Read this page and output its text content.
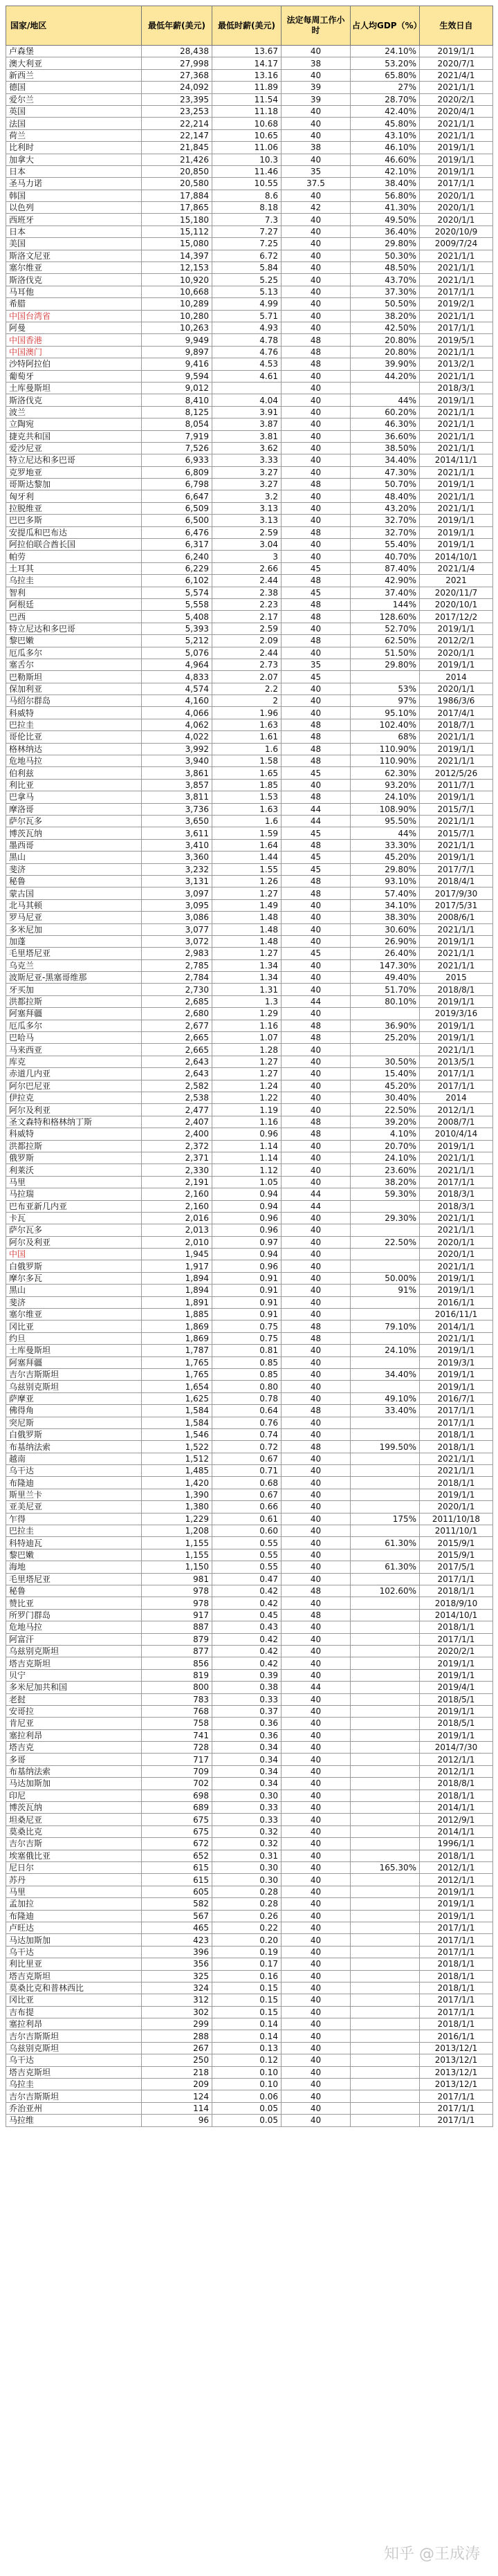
国家/地区	最低年薪(美元)	最低时薪(美元)	法定每周工作小时	占人均GDP（%）	生效日自
卢森堡	28,438	13.67	40	24.10%	2019/1/1
澳大利亚	27,998	14.17	38	53.20%	2020/7/1
新西兰	27,368	13.16	40	65.80%	2021/4/1
德国	24,092	11.89	39	27%	2021/1/1
爱尔兰	23,395	11.54	39	28.70%	2020/2/1
英国	23,253	11.18	40	42.40%	2020/4/1
法国	22,214	10.68	40	45.80%	2021/1/1
荷兰	22,147	10.65	40	43.10%	2021/1/1
比利时	21,845	11.06	38	46.10%	2019/1/1
加拿大	21,426	10.3	40	46.60%	2019/1/1
日本	20,850	11.46	35	42.10%	2019/1/1
圣马力诺	20,580	10.55	37.5	38.40%	2017/1/1
韩国	17,884	8.6	40	56.80%	2020/1/1
以色列	17,865	8.18	42	41.30%	2020/1/1
西班牙	15,180	7.3	40	49.50%	2020/1/1
日本	15,112	7.27	40	36.40%	2020/10/9
美国	15,080	7.25	40	29.80%	2009/7/24
斯洛文尼亚	14,397	6.72	40	50.30%	2021/1/1
塞尔维亚	12,153	5.84	40	48.50%	2021/1/1
斯洛伐克	10,920	5.25	40	43.70%	2021/1/1
马耳他	10,668	5.13	40	37.30%	2017/1/1
希腊	10,289	4.99	40	50.50%	2019/2/1
中国台湾省	10,280	5.71	40	38.20%	2021/1/1
阿曼	10,263	4.93	40	42.50%	2017/1/1
中国香港	9,949	4.78	48	20.80%	2019/5/1
中国澳门	9,897	4.76	48	20.80%	2021/1/1
沙特阿拉伯	9,416	4.53	48	39.90%	2013/2/1
葡萄牙	9,594	4.61	40	44.20%	2021/1/1
土库曼斯坦	9,012		40		2018/3/1
斯洛伐克	8,410	4.04	40	44%	2019/1/1
波兰	8,125	3.91	40	60.20%	2021/1/1
立陶宛	8,054	3.87	40	46.30%	2021/1/1
捷克共和国	7,919	3.81	40	36.60%	2021/1/1
爱沙尼亚	7,526	3.62	40	38.50%	2021/1/1
特立尼达和多巴哥	6,933	3.33	40	34.40%	2014/11/1
克罗地亚	6,809	3.27	40	47.30%	2021/1/1
哥斯达黎加	6,798	3.27	48	50.70%	2019/1/1
匈牙利	6,647	3.2	40	48.40%	2021/1/1
拉脱维亚	6,509	3.13	40	43.20%	2021/1/1
巴巴多斯	6,500	3.13	40	32.70%	2019/1/1
安提瓜和巴布达	6,476	2.59	48	32.70%	2019/1/1
阿拉伯联合酋长国	6,317	3.04	40	55.40%	2019/1/1
帕劳	6,240	3	40	40.70%	2014/10/1
土耳其	6,229	2.66	45	87.40%	2021/1/4
乌拉圭	6,102	2.44	48	42.90%	2021
智利	5,574	2.38	45	37.40%	2020/11/7
阿根廷	5,558	2.23	48	144%	2020/10/1
巴西	5,408	2.17	48	128.60%	2017/12/2
特立尼达和多巴哥	5,393	2.59	40	52.70%	2019/1/1
黎巴嫩	5,212	2.09	48	62.50%	2012/2/1
厄瓜多尔	5,076	2.44	40	51.50%	2020/1/1
塞舌尔	4,964	2.73	35	29.80%	2019/1/1
巴勒斯坦	4,833	2.07	45		2014
保加利亚	4,574	2.2	40	53%	2020/1/1
马绍尔群岛	4,160	2	40	97%	1986/3/6
科威特	4,066	1.96	40	95.10%	2017/4/1
巴拉圭	4,062	1.63	48	102.40%	2018/7/1
哥伦比亚	4,022	1.61	48	68%	2021/1/1
格林纳达	3,992	1.6	48	110.90%	2019/1/1
危地马拉	3,940	1.58	48	110.90%	2021/1/1
伯利兹	3,861	1.65	45	62.30%	2012/5/26
利比亚	3,857	1.85	40	93.20%	2011/7/1
巴拿马	3,811	1.53	48	24.10%	2019/1/1
摩洛哥	3,736	1.63	44	108.90%	2015/7/1
萨尔瓦多	3,650	1.6	44	95.50%	2021/1/1
博茨瓦纳	3,611	1.59	45	44%	2015/7/1
墨西哥	3,410	1.64	48	33.30%	2021/1/1
黑山	3,360	1.44	45	45.20%	2019/1/1
斐济	3,232	1.55	45	29.80%	2017/7/1
秘鲁	3,131	1.26	48	93.10%	2018/4/1
蒙古国	3,097	1.27	48	57.40%	2017/9/30
北马其顿	3,095	1.49	40	34.10%	2017/5/31
罗马尼亚	3,086	1.48	40	38.30%	2008/6/1
多米尼加	3,077	1.48	40	30.60%	2021/1/1
加蓬	3,072	1.48	40	26.90%	2019/1/1
毛里塔尼亚	2,983	1.27	45	26.40%	2021/1/1
乌克兰	2,785	1.34	40	147.30%	2021/1/1
波斯尼亚-黑塞哥维那	2,784	1.34	40	49.40%	2015
牙买加	2,730	1.31	40	51.70%	2018/8/1
洪都拉斯	2,685	1.3	44	80.10%	2019/1/1
阿塞拜疆	2,680	1.29	40		2019/3/16
厄瓜多尔	2,677	1.16	48	36.90%	2019/1/1
巴哈马	2,665	1.07	48	25.20%	2019/1/1
马来西亚	2,665	1.28	40		2021/1/1
库克	2,643	1.27	40	30.50%	2013/5/1
赤道几内亚	2,643	1.27	40	15.40%	2017/1/1
阿尔巴尼亚	2,582	1.24	40	45.20%	2017/1/1
伊拉克	2,538	1.22	40	30.40%	2014
阿尔及利亚	2,477	1.19	40	22.50%	2012/1/1
圣文森特和格林纳丁斯	2,407	1.16	48	39.20%	2008/7/1
科威特	2,400	0.96	48	4.10%	2010/4/14
洪都拉斯	2,372	1.14	40	20.70%	2019/1/1
俄罗斯	2,371	1.14	40	24.10%	2021/1/1
利莱沃	2,330	1.12	40	23.60%	2021/1/1
马里	2,191	1.05	40	38.20%	2017/1/1
马拉瑞	2,160	0.94	44	59.30%	2018/3/1
巴布亚新几内亚	2,160	0.94	44		2018/3/1
卡瓦	2,016	0.96	40	29.30%	2021/1/1
萨尔瓦多	2,013	0.96	40		2021/1/1
阿尔及利亚	2,010	0.97	40	22.50%	2020/1/1
中国	1,945	0.94	40		2020/1/1
白俄罗斯	1,917	0.96	40		2021/1/1
摩尔多瓦	1,894	0.91	40	50.00%	2019/1/1
黑山	1,894	0.91	40	91%	2019/1/1
斐济	1,891	0.91	40		2016/1/1
塞尔维亚	1,885	0.91	40		2016/11/1
冈比亚	1,869	0.75	48	79.10%	2014/1/1
约旦	1,869	0.75	48		2021/1/1
土库曼斯坦	1,787	0.81	40	24.10%	2019/1/1
阿塞拜疆	1,765	0.85	40		2019/3/1
吉尔吉斯斯坦	1,765	0.85	40	34.40%	2019/1/1
乌兹别克斯坦	1,654	0.80	40		2019/1/1
萨摩亚	1,625	0.78	40	49.10%	2016/7/1
佛得角	1,584	0.64	48	33.40%	2017/1/1
突尼斯	1,584	0.76	40		2017/1/1
白俄罗斯	1,546	0.74	40		2018/1/1
布基纳法索	1,522	0.72	48	199.50%	2018/1/1
越南	1,512	0.67	40		2021/1/1
乌干达	1,485	0.71	40		2021/1/1
布隆迪	1,420	0.68	40		2018/1/1
斯里兰卡	1,390	0.67	40		2019/1/1
亚美尼亚	1,380	0.66	40		2020/1/1
乍得	1,229	0.61	40	175%	2011/10/18
巴拉圭	1,208	0.60	40		2011/10/1
科特迪瓦	1,155	0.55	40	61.30%	2015/9/1
黎巴嫩	1,155	0.55	40		2015/9/1
海地	1,150	0.55	40	61.30%	2017/5/1
毛里塔尼亚	981	0.47	40		2017/1/1
秘鲁	978	0.42	48	102.60%	2018/1/1
赞比亚	978	0.42	40		2018/9/10
所罗门群岛	917	0.45	48		2014/10/1
危地马拉	887	0.43	40		2018/1/1
阿富汗	879	0.42	40		2017/1/1
乌兹别克斯坦	877	0.42	40		2020/2/1
塔吉克斯坦	856	0.42	40		2019/1/1
贝宁	819	0.39	40		2019/1/1
多米尼加共和国	800	0.38	44		2019/4/1
老挝	783	0.33	40		2018/5/1
安哥拉	768	0.37	40		2019/1/1
肯尼亚	758	0.36	40		2018/5/1
塞拉利昂	741	0.36	40		2019/1/1
塔吉克	728	0.34	40		2014/7/30
多哥	717	0.34	40		2012/1/1
布基纳法索	709	0.34	40		2012/1/1
马达加斯加	702	0.34	40		2018/8/1
印尼	698	0.30	40		2018/1/1
博茨瓦纳	689	0.33	40		2014/1/1
坦桑尼亚	675	0.33	40		2012/9/1
莫桑比克	675	0.32	40		2014/1/1
吉尔吉斯	672	0.32	40		1996/1/1
埃塞俄比亚	652	0.31	40		2018/1/1
尼日尔	615	0.30	40	165.30%	2012/1/1
苏丹	615	0.30	40		2012/1/1
马里	605	0.28	40		2019/1/1
孟加拉	582	0.28	40		2019/1/1
布隆迪	567	0.26	40		2019/1/1
卢旺达	465	0.22	40		2017/1/1
马达加斯加	423	0.20	40		2017/1/1
乌干达	396	0.19	40		2017/1/1
利比里亚	356	0.17	40		2018/1/1
塔吉克斯坦	325	0.16	40		2018/1/1
莫桑比克和普林西比	324	0.15	40		2018/1/1
冈比亚	312	0.15	40		2017/1/1
吉布提	302	0.15	40		2017/1/1
塞拉利昂	299	0.14	40		2018/1/1
吉尔吉斯斯坦	288	0.14	40		2016/1/1
乌兹别克斯坦	267	0.13	40		2013/12/1
乌干达	250	0.12	40		2013/12/1
塔吉克斯坦	218	0.10	40		2013/12/1
乌拉圭	209	0.10	40		2013/12/1
吉尔吉斯斯坦	124	0.06	40		2017/1/1
乔治亚州	114	0.05	40		2017/1/1
马拉维	96	0.05	40		2017/1/1
知乎 @王成涛
